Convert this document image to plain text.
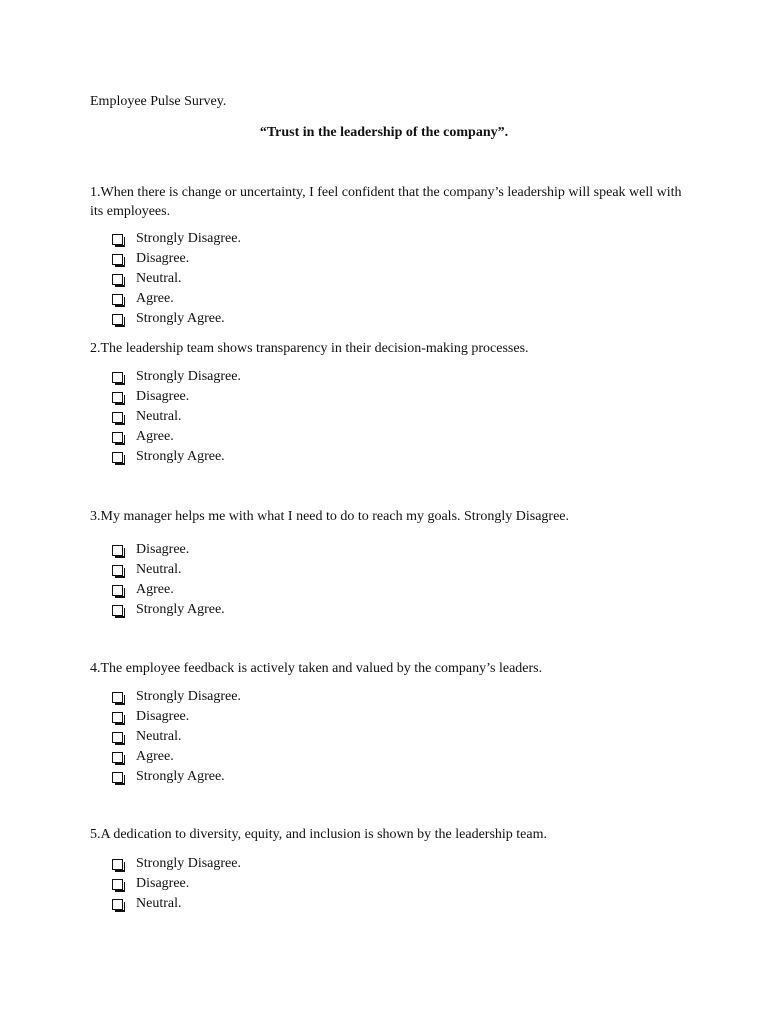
Employee Pulse Survey.
“Trust in the leadership of the company”.
1.When there is change or uncertainty, I feel confident that the company’s leadership will speak well with its employees.
Strongly Disagree.
Disagree.
Neutral.
Agree.
Strongly Agree.
2.The leadership team shows transparency in their decision-making processes.
Strongly Disagree.
Disagree.
Neutral.
Agree.
Strongly Agree.
3.My manager helps me with what I need to do to reach my goals. Strongly Disagree.
Disagree.
Neutral.
Agree.
Strongly Agree.
4.The employee feedback is actively taken and valued by the company’s leaders.
Strongly Disagree.
Disagree.
Neutral.
Agree.
Strongly Agree.
5.A dedication to diversity, equity, and inclusion is shown by the leadership team.
Strongly Disagree.
Disagree.
Neutral.
